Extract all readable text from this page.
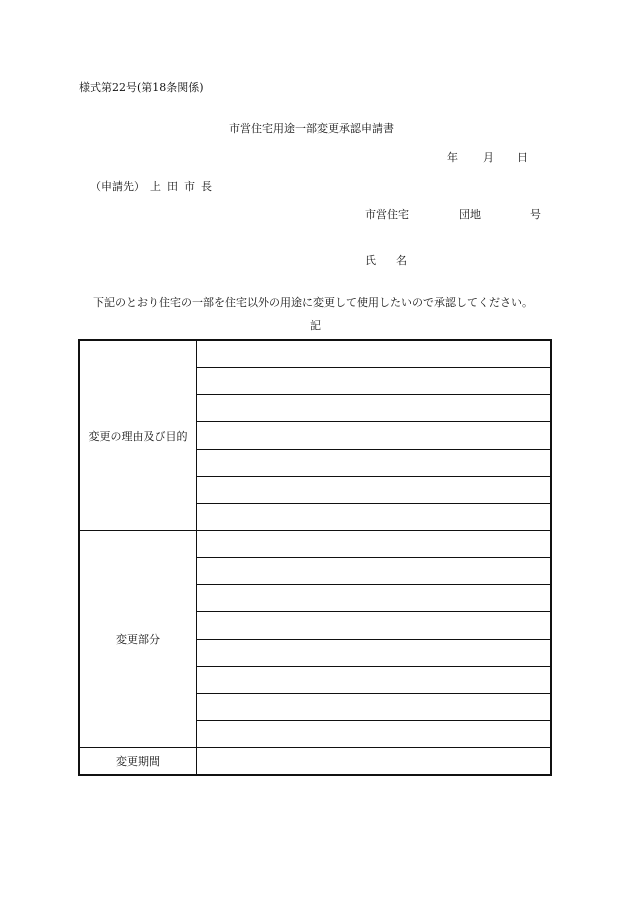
様式第22号(第18条関係)
市営住宅用途一部変更承認申請書
年 月 日
（申請先） 上田市長
市営住宅	団地	号
氏名
下記のとおり住宅の一部を住宅以外の用途に変更して使用したいので承認してください。
記
変更の理由及び目的
変更部分
変更期間
